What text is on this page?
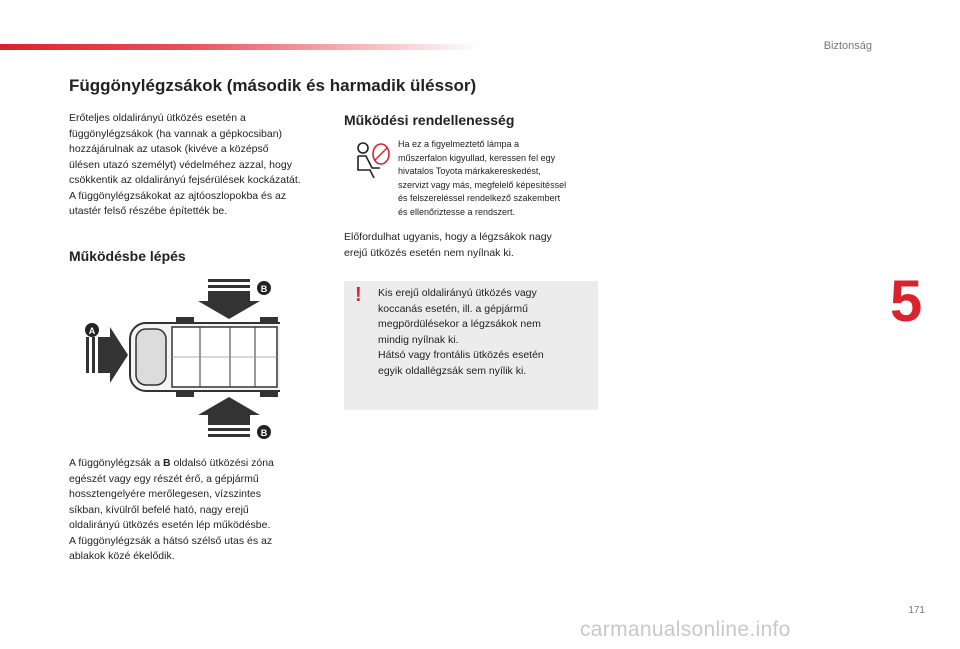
Biztonság
Függönylégzsákok (második és harmadik üléssor)

Erőteljes oldalirányú ütközés esetén a
függönylégzsákok (ha vannak a gépkocsiban)
hozzájárulnak az utasok (kivéve a középső
ülésen utazó személyt) védelméhez azzal, hogy
csökkentik az oldalirányú fejsérülések kockázatát.
A függönylégzsákokat az ajtóoszlopokba és az
utastér felső részébe építették be.

Működésbe lépés
B
A
B

A függönylégzsák a B oldalsó ütközési zóna
egészét vagy egy részét érő, a gépjármű
hossztengelyére merőlegesen, vízszintes
síkban, kívülről befelé ható, nagy erejű
oldalirányú ütközés esetén lép működésbe.
A függönylégzsák a hátsó szélső utas és az
ablakok közé ékelődik.

Működési rendellenesség

Ha ez a figyelmeztető lámpa a
műszerfalon kigyullad, keressen fel egy
hivatalos Toyota márkakereskedést,
szervizt vagy más, megfelelő képesítéssel
és felszereléssel rendelkező szakembert
és ellenőriztesse a rendszert.

Előfordulhat ugyanis, hogy a légzsákok nagy
erejű ütközés esetén nem nyílnak ki.

! Kis erejű oldalirányú ütközés vagy
koccanás esetén, ill. a gépjármű
megpördülésekor a légzsákok nem
mindig nyílnak ki.
Hátsó vagy frontális ütközés esetén
egyik oldallégzsák sem nyílik ki.

5
171
carmanualsonline.info
